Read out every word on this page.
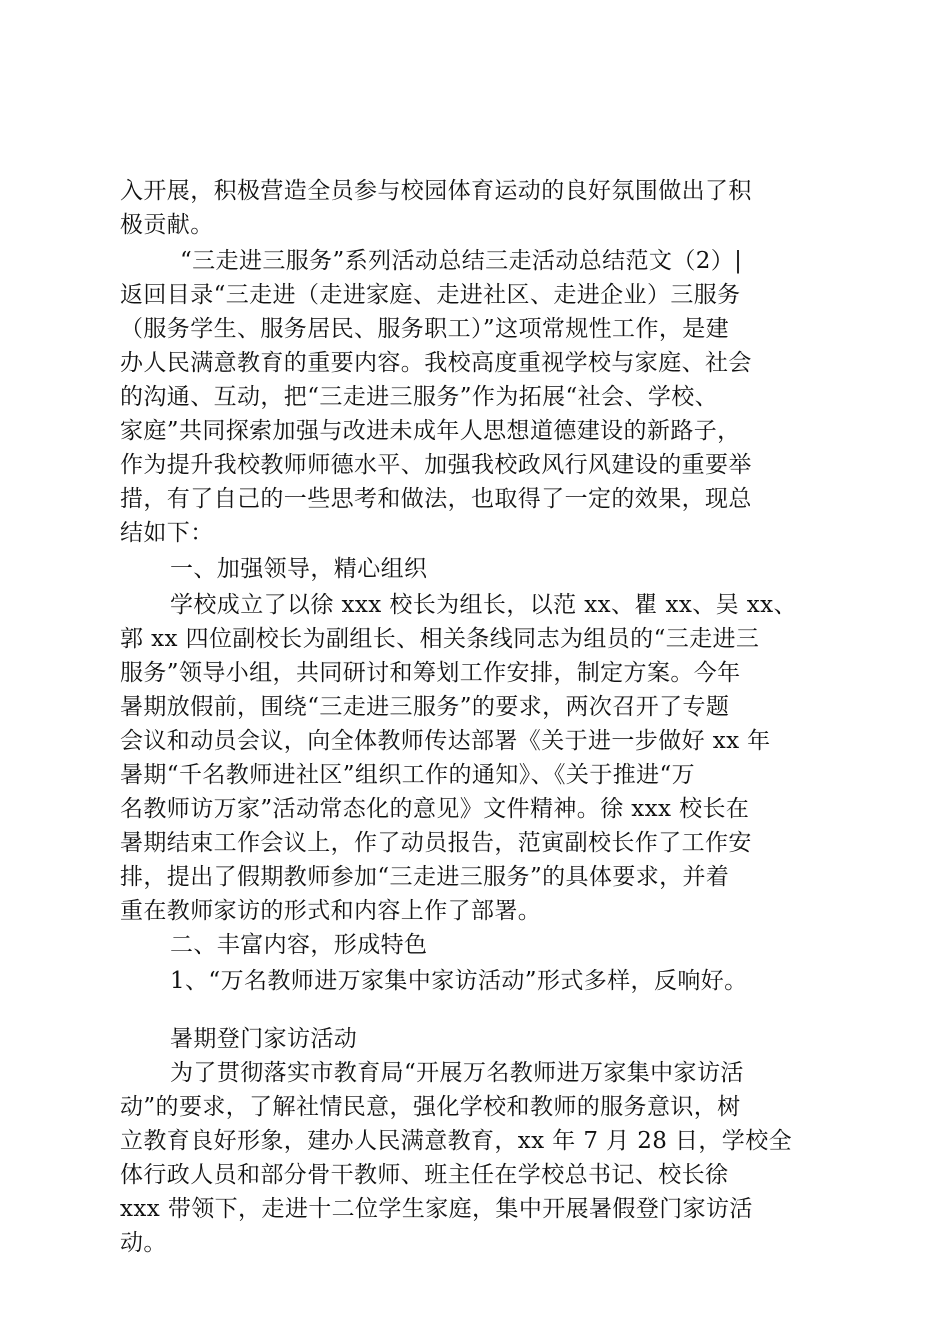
入开展，积极营造全员参与校园体育运动的良好氛围做出了积
极贡献。
“三走进三服务”系列活动总结三走活动总结范文（2）|
返回目录“三走进（走进家庭、走进社区、走进企业）三服务
（服务学生、服务居民、服务职工）”这项常规性工作，是建
办人民满意教育的重要内容。我校高度重视学校与家庭、社会
的沟通、互动，把“三走进三服务”作为拓展“社会、学校、
家庭”共同探索加强与改进未成年人思想道德建设的新路子，
作为提升我校教师师德水平、加强我校政风行风建设的重要举
措，有了自己的一些思考和做法，也取得了一定的效果，现总
结如下：
一、加强领导，精心组织
学校成立了以徐 xxx 校长为组长，以范 xx、瞿 xx、吴 xx、
郭 xx 四位副校长为副组长、相关条线同志为组员的“三走进三
服务”领导小组，共同研讨和筹划工作安排，制定方案。今年
暑期放假前，围绕“三走进三服务”的要求，两次召开了专题
会议和动员会议，向全体教师传达部署《关于进一步做好 xx 年
暑期“千名教师进社区”组织工作的通知》、《关于推进“万
名教师访万家”活动常态化的意见》文件精神。徐 xxx 校长在
暑期结束工作会议上，作了动员报告，范寅副校长作了工作安
排，提出了假期教师参加“三走进三服务”的具体要求，并着
重在教师家访的形式和内容上作了部署。
二、丰富内容，形成特色
1、“万名教师进万家集中家访活动”形式多样，反响好。
暑期登门家访活动
为了贯彻落实市教育局“开展万名教师进万家集中家访活
动”的要求，了解社情民意，强化学校和教师的服务意识，树
立教育良好形象，建办人民满意教育，xx 年 7 月 28 日，学校全
体行政人员和部分骨干教师、班主任在学校总书记、校长徐
xxx 带领下，走进十二位学生家庭，集中开展暑假登门家访活
动。
